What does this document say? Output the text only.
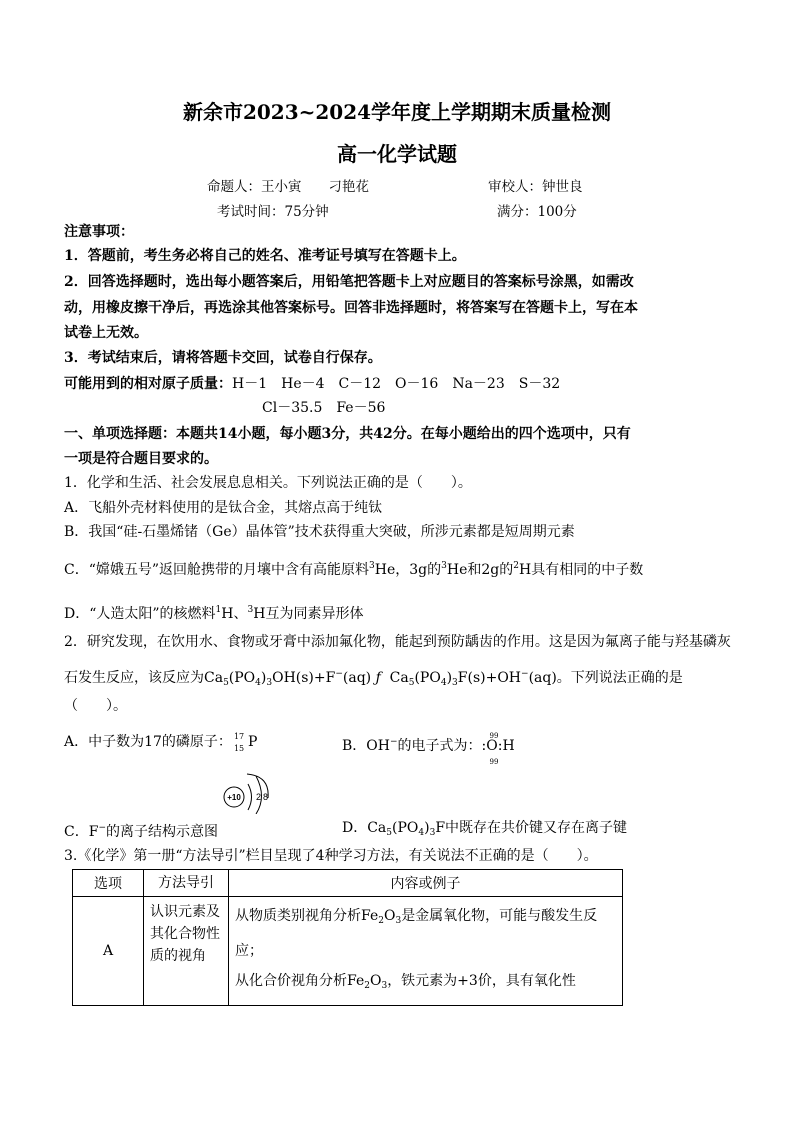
新余市2023~2024学年度上学期期末质量检测
高一化学试题
命题人：王小寅　　刁艳花	审校人：钟世良
考试时间：75分钟	满分：100分
注意事项：
1．答题前，考生务必将自己的姓名、准考证号填写在答题卡上。
2．回答选择题时，选出每小题答案后，用铅笔把答题卡上对应题目的答案标号涂黑，如需改
动，用橡皮擦干净后，再选涂其他答案标号。回答非选择题时，将答案写在答题卡上，写在本
试卷上无效。
3．考试结束后，请将答题卡交回，试卷自行保存。
可能用到的相对原子质量：H－1　He－4　C－12　O－16　Na－23　S－32
Cl－35.5　Fe－56
一、单项选择题：本题共14小题，每小题3分，共42分。在每小题给出的四个选项中，只有
一项是符合题目要求的。
1．化学和生活、社会发展息息相关。下列说法正确的是（　　）。
A．飞船外壳材料使用的是钛合金，其熔点高于纯钛
B．我国“硅-石墨烯锗（Ge）晶体管”技术获得重大突破，所涉元素都是短周期元素
C．“嫦娥五号”返回舱携带的月壤中含有高能原料$^3$He，3g的$^3$He和2g的$^2$H具有相同的中子数
D．“人造太阳”的核燃料$^1$H、$^3$H互为同素异形体
2．研究发现，在饮用水、食物或牙膏中添加氟化物，能起到预防龋齿的作用。这是因为氟离子能与羟基磷灰
石发生反应，该反应为$Ca_5(PO_4)_3OH(s)+F^-(aq)$ ƒ $Ca_5(PO_4)_3F(s)+OH^-(aq)$。下列说法正确的是
（　　）。
A．中子数为17的磷原子： 17
15 P	B．OH−的电子式为：
99
:O:H
99
+10 2 8
C．F−的离子结构示意图	D．$Ca_5(PO_4)_3F$中既存在共价键又存在离子键
3.《化学》第一册“方法导引”栏目呈现了4种学习方法，有关说法不正确的是（　　）。
选项	方法导引	内容或例子
A	认识元素及其化合物性质的视角	从物质类别视角分析$Fe_2O_3$是金属氧化物，可能与酸发生反
应；
从化合价视角分析$Fe_2O_3$，铁元素为+3价，具有氧化性
